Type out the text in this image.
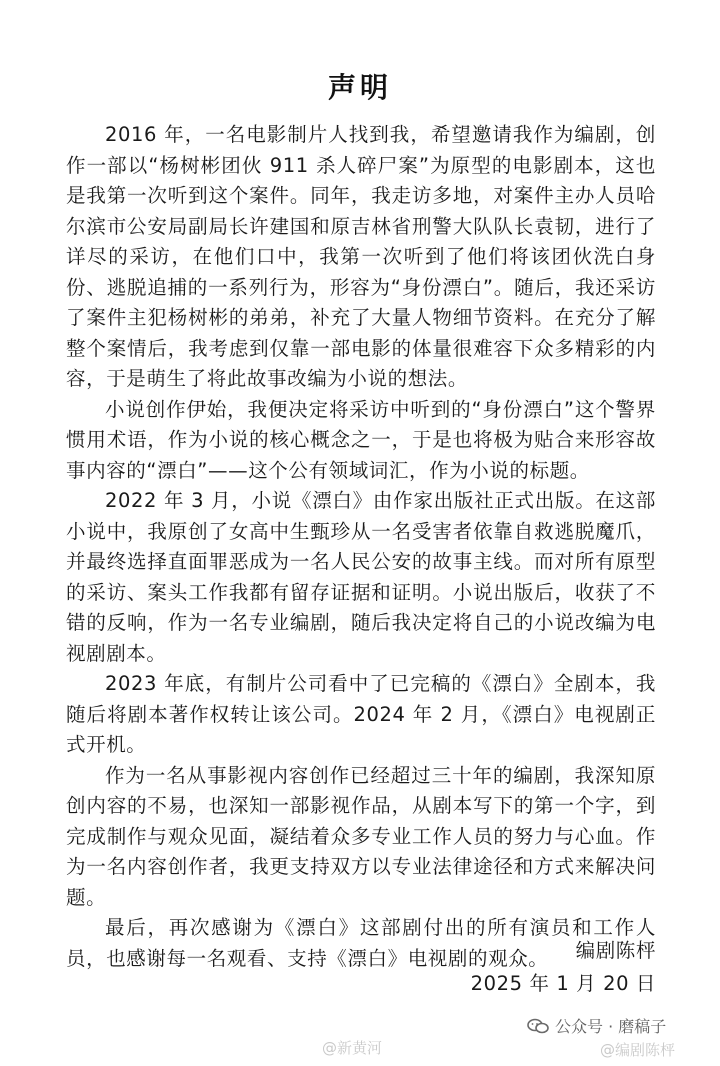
声明

2016 年，一名电影制片人找到我，希望邀请我作为编剧，创作一部以“杨树彬团伙 911 杀人碎尸案”为原型的电影剧本，这也是我第一次听到这个案件。同年，我走访多地，对案件主办人员哈尔滨市公安局副局长许建国和原吉林省刑警大队队长袁韧，进行了详尽的采访，在他们口中，我第一次听到了他们将该团伙洗白身份、逃脱追捕的一系列行为，形容为“身份漂白”。随后，我还采访了案件主犯杨树彬的弟弟，补充了大量人物细节资料。在充分了解整个案情后，我考虑到仅靠一部电影的体量很难容下众多精彩的内容，于是萌生了将此故事改编为小说的想法。

小说创作伊始，我便决定将采访中听到的“身份漂白”这个警界惯用术语，作为小说的核心概念之一，于是也将极为贴合来形容故事内容的“漂白”——这个公有领域词汇，作为小说的标题。

2022 年 3 月，小说《漂白》由作家出版社正式出版。在这部小说中，我原创了女高中生甄珍从一名受害者依靠自救逃脱魔爪，并最终选择直面罪恶成为一名人民公安的故事主线。而对所有原型的采访、案头工作我都有留存证据和证明。小说出版后，收获了不错的反响，作为一名专业编剧，随后我决定将自己的小说改编为电视剧剧本。

2023 年底，有制片公司看中了已完稿的《漂白》全剧本，我随后将剧本著作权转让该公司。2024 年 2 月，《漂白》电视剧正式开机。

作为一名从事影视内容创作已经超过三十年的编剧，我深知原创内容的不易，也深知一部影视作品，从剧本写下的第一个字，到完成制作与观众见面，凝结着众多专业工作人员的努力与心血。作为一名内容创作者，我更支持双方以专业法律途径和方式来解决问题。

最后，再次感谢为《漂白》这部剧付出的所有演员和工作人员，也感谢每一名观看、支持《漂白》电视剧的观众。	编剧陈枰
2025 年 1 月 20 日
@新黄河
公众号 · 磨稿子
@编剧陈枰
